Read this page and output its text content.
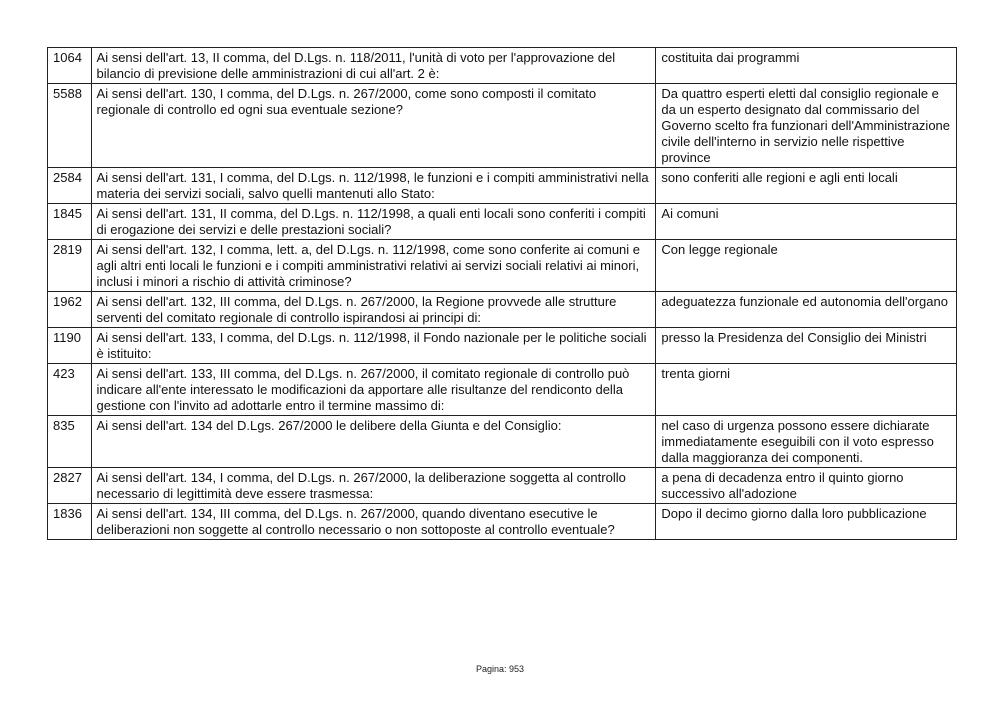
1064	Ai sensi dell'art. 13, II comma, del D.Lgs. n. 118/2011, l'unità di voto per l'approvazione del bilancio di previsione delle amministrazioni di cui all'art. 2 è:	costituita dai programmi
5588	Ai sensi dell'art. 130, I comma, del D.Lgs. n. 267/2000, come sono composti il comitato regionale di controllo ed ogni sua eventuale sezione?	Da quattro esperti eletti dal consiglio regionale e da un esperto designato dal commissario del Governo scelto fra funzionari dell'Amministrazione civile dell'interno in servizio nelle rispettive province
2584	Ai sensi dell'art. 131, I comma, del D.Lgs. n. 112/1998, le funzioni e i compiti amministrativi nella materia dei servizi sociali, salvo quelli mantenuti allo Stato:	sono conferiti alle regioni e agli enti locali
1845	Ai sensi dell'art. 131, II comma, del D.Lgs. n. 112/1998, a quali enti locali sono conferiti i compiti di erogazione dei servizi e delle prestazioni sociali?	Ai comuni
2819	Ai sensi dell'art. 132, I comma, lett. a, del D.Lgs. n. 112/1998, come sono conferite ai comuni e agli altri enti locali le funzioni e i compiti amministrativi relativi ai servizi sociali relativi ai minori, inclusi i minori a rischio di attività criminose?	Con legge regionale
1962	Ai sensi dell'art. 132, III comma, del D.Lgs. n. 267/2000, la Regione provvede alle strutture serventi del comitato regionale di controllo ispirandosi ai principi di:	adeguatezza funzionale ed autonomia dell'organo
1190	Ai sensi dell'art. 133, I comma, del D.Lgs. n. 112/1998, il Fondo nazionale per le politiche sociali è istituito:	presso la Presidenza del Consiglio dei Ministri
423	Ai sensi dell'art. 133, III comma, del D.Lgs. n. 267/2000, il comitato regionale di controllo può indicare all'ente interessato le modificazioni da apportare alle risultanze del rendiconto della gestione con l'invito ad adottarle entro il termine massimo di:	trenta giorni
835	Ai sensi dell'art. 134 del D.Lgs. 267/2000 le delibere della Giunta e del Consiglio:	nel caso di urgenza possono essere dichiarate immediatamente eseguibili con il voto espresso dalla maggioranza dei componenti.
2827	Ai sensi dell'art. 134, I comma, del D.Lgs. n. 267/2000, la deliberazione soggetta al controllo necessario di legittimità deve essere trasmessa:	a pena di decadenza entro il quinto giorno successivo all'adozione
1836	Ai sensi dell'art. 134, III comma, del D.Lgs. n. 267/2000, quando diventano esecutive le deliberazioni non soggette al controllo necessario o non sottoposte al controllo eventuale?	Dopo il decimo giorno dalla loro pubblicazione
Pagina: 953
